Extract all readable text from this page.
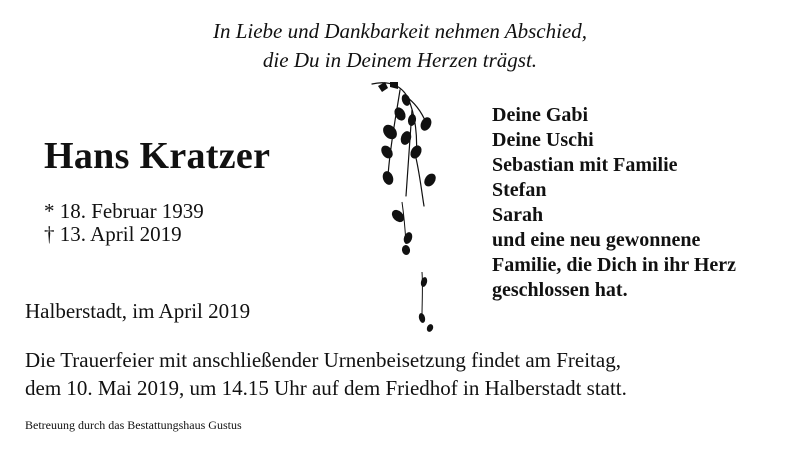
In Liebe und Dankbarkeit nehmen Abschied,
die Du in Deinem Herzen trägst.
Hans Kratzer
* 18. Februar 1939
† 13. April 2019
Halberstadt, im April 2019
Deine Gabi
Deine Uschi
Sebastian mit Familie
Stefan
Sarah
und eine neu gewonnene
Familie, die Dich in ihr Herz
geschlossen hat.
Die Trauerfeier mit anschließender Urnenbeisetzung findet am Freitag,
dem 10. Mai 2019, um 14.15 Uhr auf dem Friedhof in Halberstadt statt.
Betreuung durch das Bestattungshaus Gustus
